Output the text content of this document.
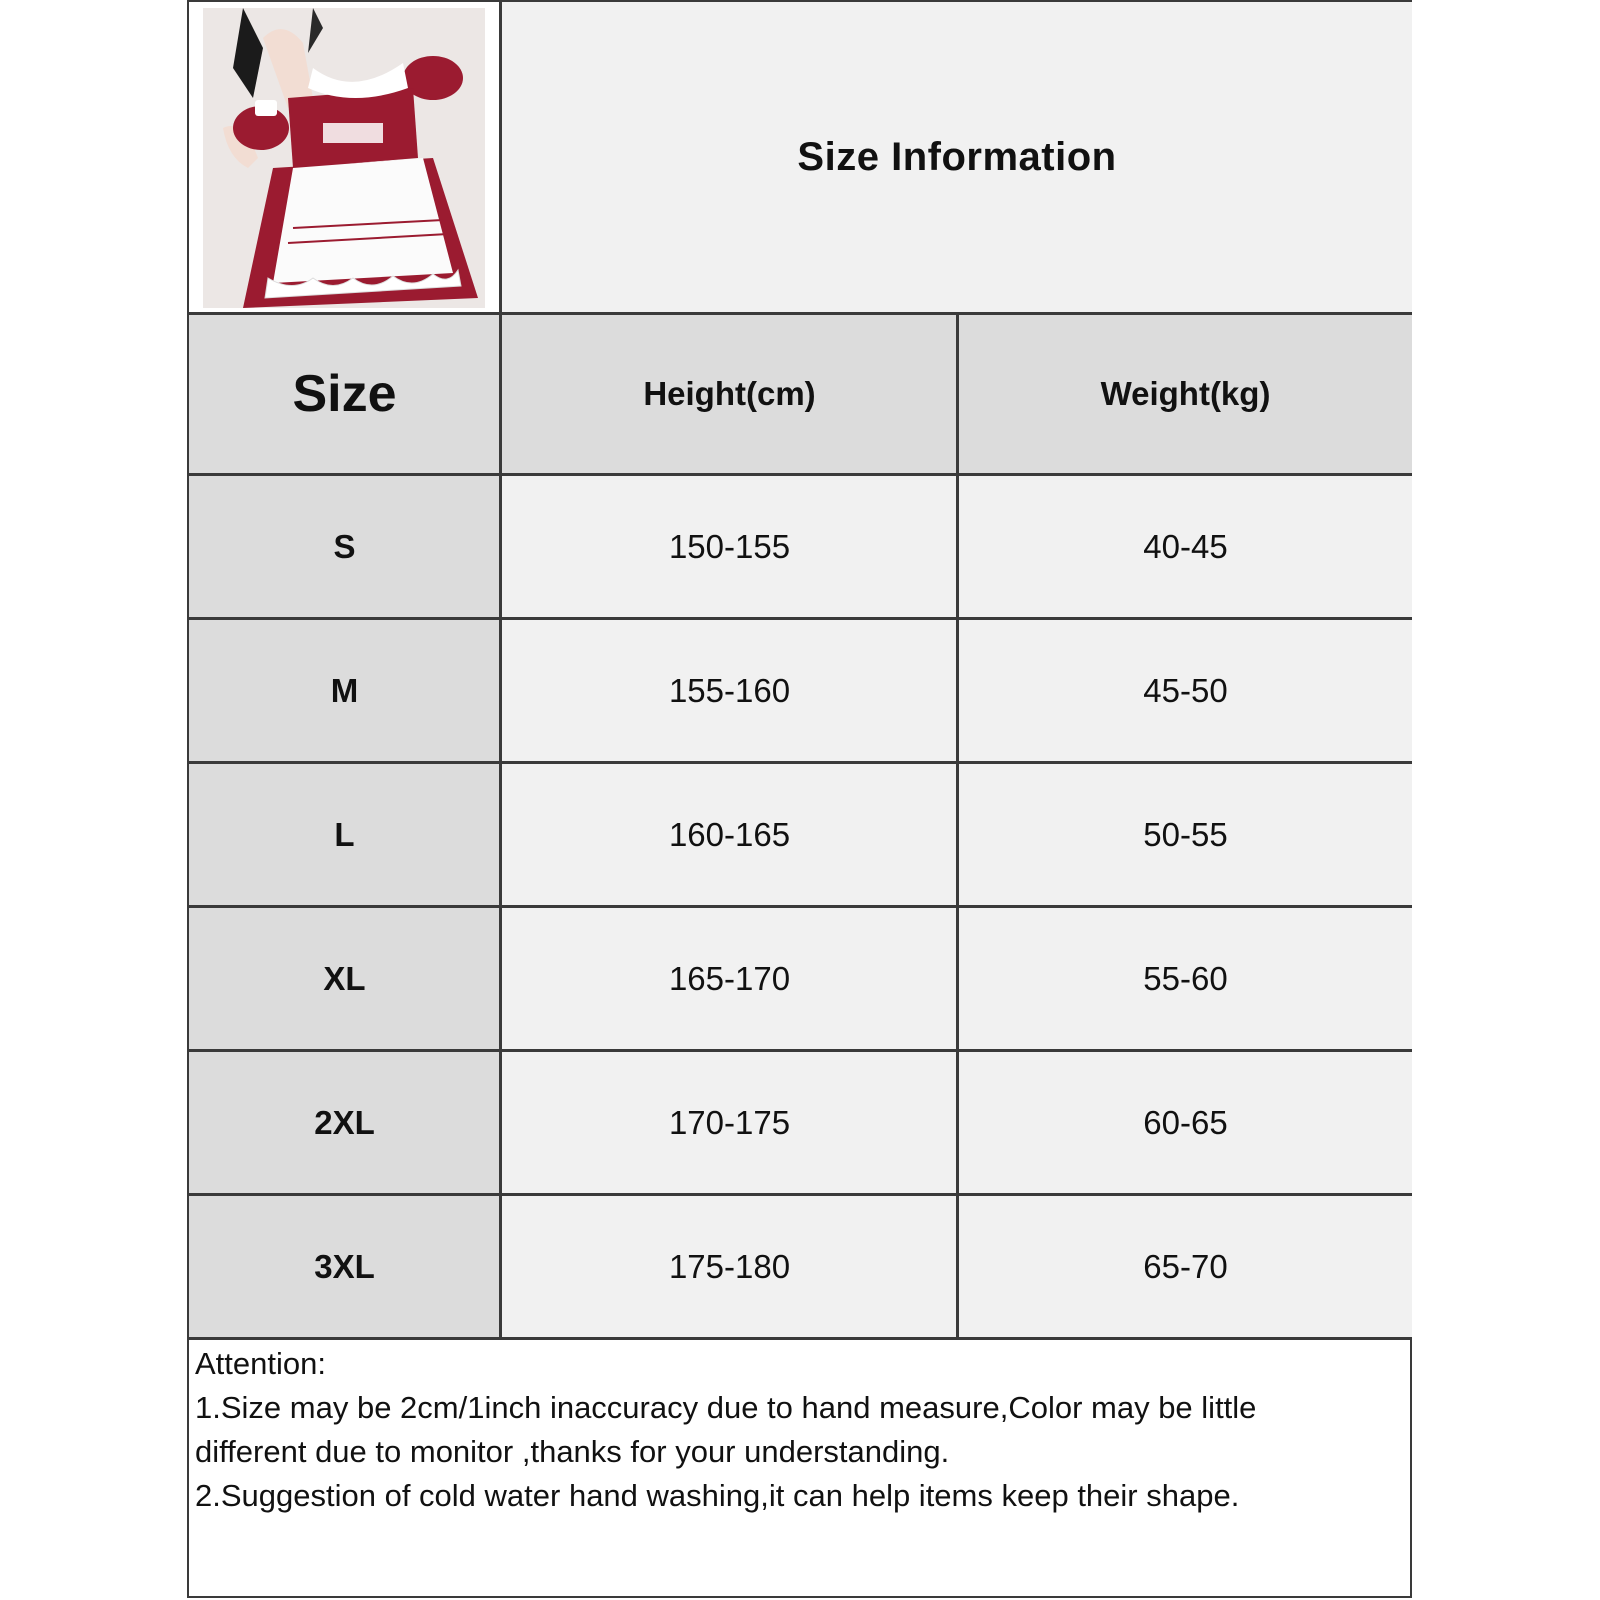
Size Information
Size	Height(cm)	Weight(kg)
S	150-155	40-45
M	155-160	45-50
L	160-165	50-55
XL	165-170	55-60
2XL	170-175	60-65
3XL	175-180	65-70
Attention:
1.Size may be 2cm/1inch inaccuracy due to hand measure,Color may be little
different due to monitor ,thanks for your understanding.
2.Suggestion of cold water hand washing,it can help items keep their shape.
